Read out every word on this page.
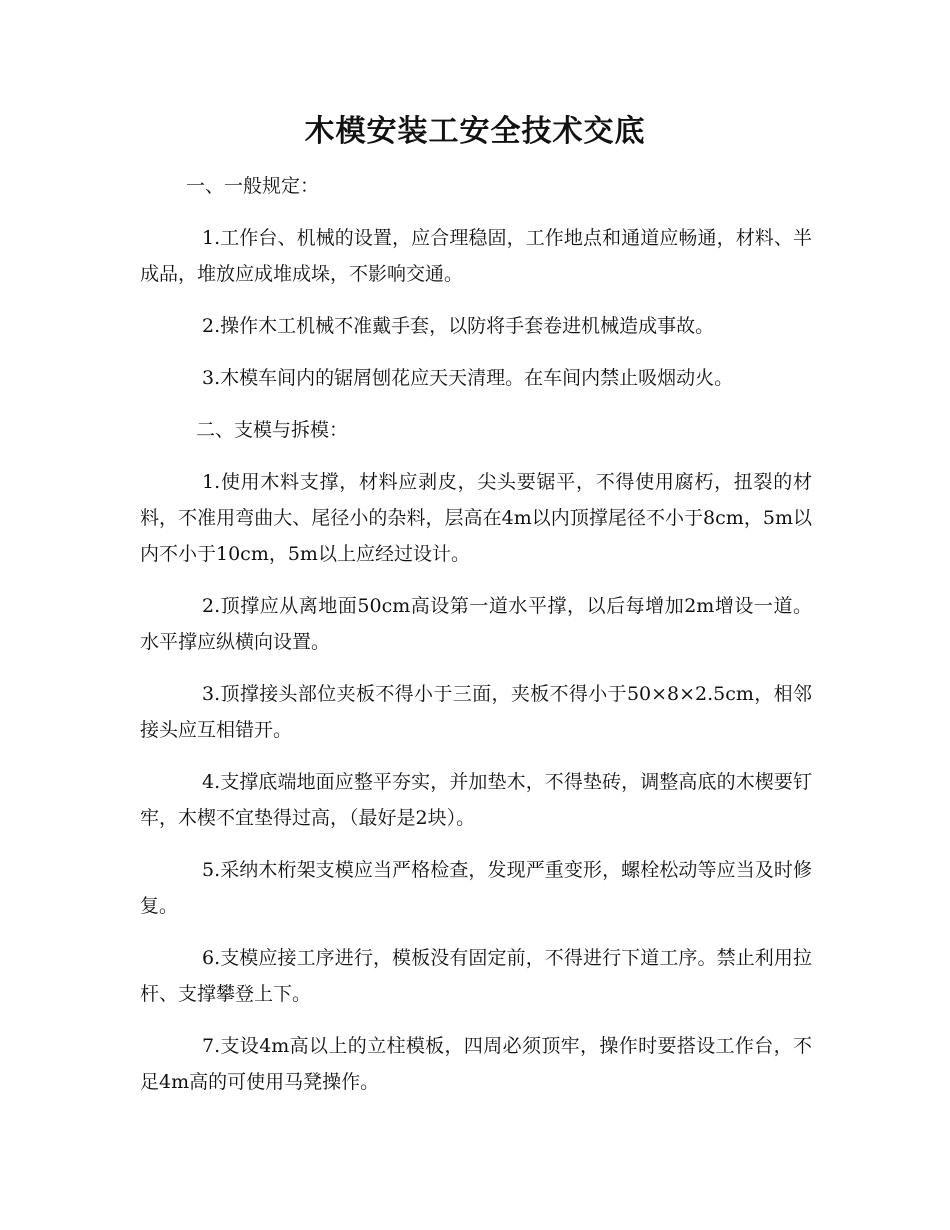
木模安装工安全技术交底

一、一般规定：

1.工作台、机械的设置，应合理稳固，工作地点和通道应畅通，材料、半成品，堆放应成堆成垛，不影响交通。

2.操作木工机械不准戴手套，以防将手套卷进机械造成事故。

3.木模车间内的锯屑刨花应天天清理。在车间内禁止吸烟动火。

二、支模与拆模：

1.使用木料支撑，材料应剥皮，尖头要锯平，不得使用腐朽，扭裂的材料，不准用弯曲大、尾径小的杂料，层高在4m以内顶撑尾径不小于8cm，5m以内不小于10cm，5m以上应经过设计。

2.顶撑应从离地面50cm高设第一道水平撑，以后每增加2m增设一道。水平撑应纵横向设置。

3.顶撑接头部位夹板不得小于三面，夹板不得小于50×8×2.5cm，相邻接头应互相错开。

4.支撑底端地面应整平夯实，并加垫木，不得垫砖，调整高底的木楔要钉牢，木楔不宜垫得过高，（最好是2块）。

5.采纳木桁架支模应当严格检查，发现严重变形，螺栓松动等应当及时修复。

6.支模应接工序进行，模板没有固定前，不得进行下道工序。禁止利用拉杆、支撑攀登上下。

7.支设4m高以上的立柱模板，四周必须顶牢，操作时要搭设工作台，不足4m高的可使用马凳操作。
